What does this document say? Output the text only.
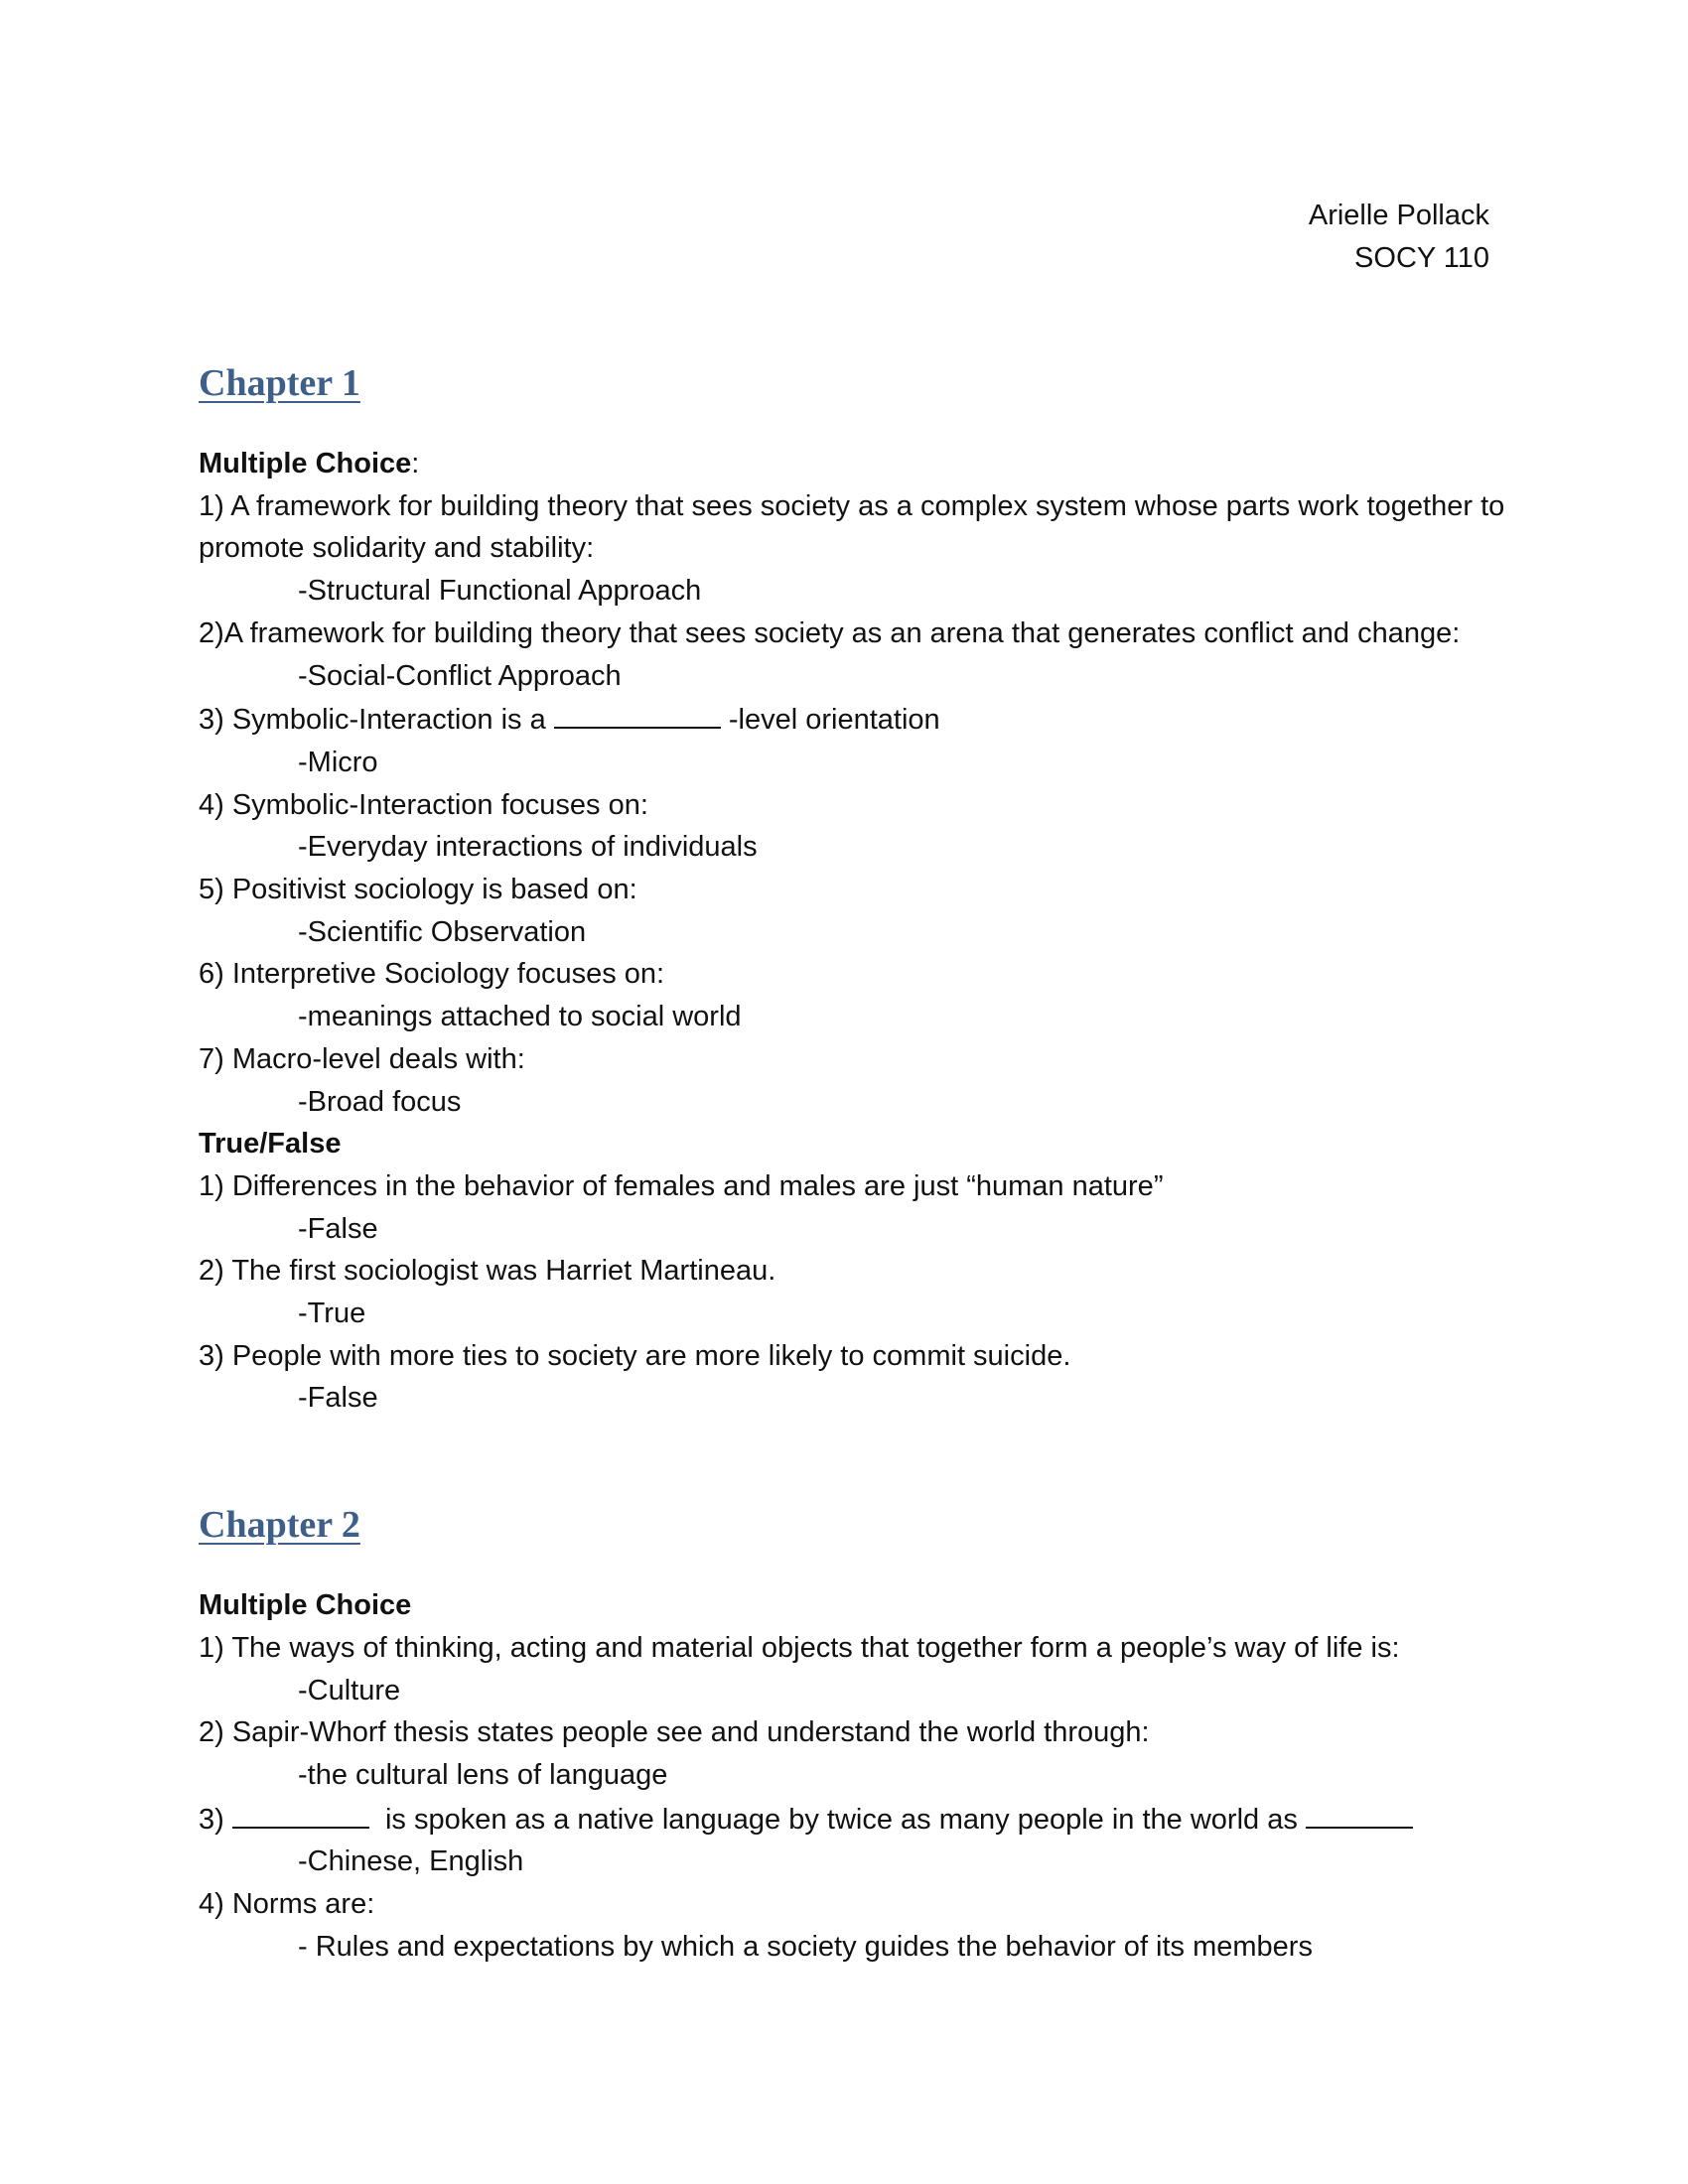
Arielle Pollack
SOCY 110
Chapter 1
Multiple Choice:
1) A framework for building theory that sees society as a complex system whose parts work together to
promote solidarity and stability:
-Structural Functional Approach
2)A framework for building theory that sees society as an arena that generates conflict and change:
-Social-Conflict Approach
3) Symbolic-Interaction is a	-level orientation
-Micro
4) Symbolic-Interaction focuses on:
-Everyday interactions of individuals
5) Positivist sociology is based on:
-Scientific Observation
6) Interpretive Sociology focuses on:
-meanings attached to social world
7) Macro-level deals with:
-Broad focus
True/False
1) Differences in the behavior of females and males are just “human nature”
-False
2) The first sociologist was Harriet Martineau.
-True
3) People with more ties to society are more likely to commit suicide.
-False
Chapter 2
Multiple Choice
1) The ways of thinking, acting and material objects that together form a people’s way of life is:
-Culture
2) Sapir-Whorf thesis states people see and understand the world through:
-the cultural lens of language
3)	is spoken as a native language by twice as many people in the world as
-Chinese, English
4) Norms are:
- Rules and expectations by which a society guides the behavior of its members
